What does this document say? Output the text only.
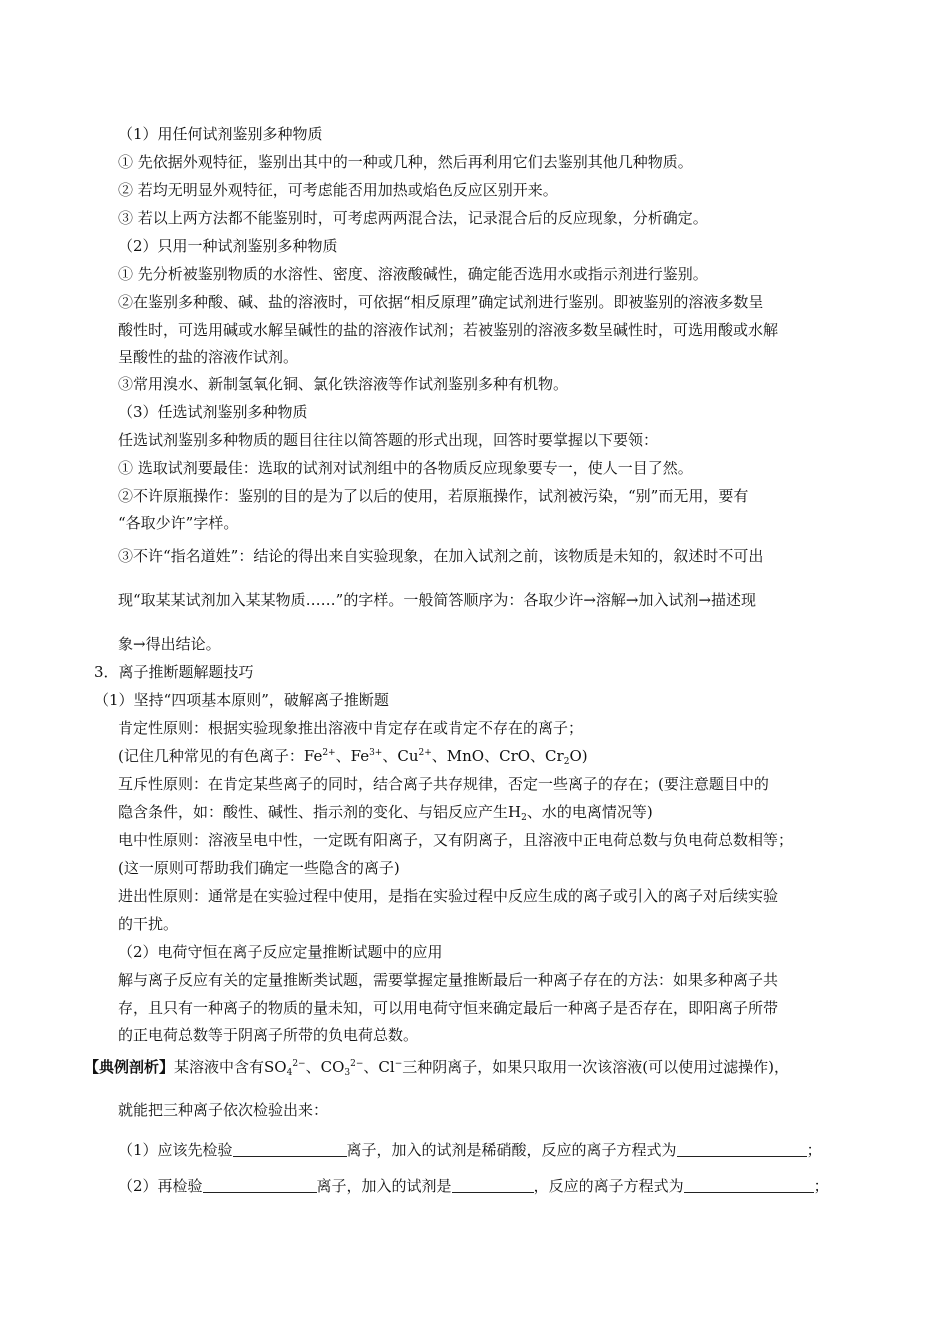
（1）用任何试剂鉴别多种物质
① 先依据外观特征，鉴别出其中的一种或几种，然后再利用它们去鉴别其他几种物质。
② 若均无明显外观特征，可考虑能否用加热或焰色反应区别开来。
③ 若以上两方法都不能鉴别时，可考虑两两混合法，记录混合后的反应现象，分析确定。
（2）只用一种试剂鉴别多种物质
① 先分析被鉴别物质的水溶性、密度、溶液酸碱性，确定能否选用水或指示剂进行鉴别。
②在鉴别多种酸、碱、盐的溶液时，可依据“相反原理”确定试剂进行鉴别。即被鉴别的溶液多数呈
酸性时，可选用碱或水解呈碱性的盐的溶液作试剂；若被鉴别的溶液多数呈碱性时，可选用酸或水解
呈酸性的盐的溶液作试剂。
③常用溴水、新制氢氧化铜、氯化铁溶液等作试剂鉴别多种有机物。
（3）任选试剂鉴别多种物质
任选试剂鉴别多种物质的题目往往以简答题的形式出现，回答时要掌握以下要领：
① 选取试剂要最佳：选取的试剂对试剂组中的各物质反应现象要专一，使人一目了然。
②不许原瓶操作：鉴别的目的是为了以后的使用，若原瓶操作，试剂被污染，“别”而无用，要有
“各取少许”字样。
③不许“指名道姓”：结论的得出来自实验现象，在加入试剂之前，该物质是未知的，叙述时不可出
现“取某某试剂加入某某物质……”的字样。一般简答顺序为：各取少许→溶解→加入试剂→描述现
象→得出结论。
3．离子推断题解题技巧
（1）坚持“四项基本原则”，破解离子推断题
肯定性原则：根据实验现象推出溶液中肯定存在或肯定不存在的离子；
(记住几种常见的有色离子：$Fe^{2+}$、$Fe^{3+}$、$Cu^{2+}$、MnO、CrO、$Cr_2O$)
互斥性原则：在肯定某些离子的同时，结合离子共存规律，否定一些离子的存在；(要注意题目中的
隐含条件，如：酸性、碱性、指示剂的变化、与铝反应产生$H_2$、水的电离情况等)
电中性原则：溶液呈电中性，一定既有阳离子，又有阴离子，且溶液中正电荷总数与负电荷总数相等；
(这一原则可帮助我们确定一些隐含的离子)
进出性原则：通常是在实验过程中使用，是指在实验过程中反应生成的离子或引入的离子对后续实验
的干扰。
（2）电荷守恒在离子反应定量推断试题中的应用
解与离子反应有关的定量推断类试题，需要掌握定量推断最后一种离子存在的方法：如果多种离子共
存，且只有一种离子的物质的量未知，可以用电荷守恒来确定最后一种离子是否存在，即阳离子所带
的正电荷总数等于阴离子所带的负电荷总数。
【典例剖析】某溶液中含有$SO_4^{2-}$、$CO_3^{2-}$、Cl−三种阴离子，如果只取用一次该溶液(可以使用过滤操作)，
就能把三种离子依次检验出来：
（1）应该先检验	离子，加入的试剂是稀硝酸，反应的离子方程式为	；
（2）再检验	离子，加入的试剂是	，反应的离子方程式为	；
